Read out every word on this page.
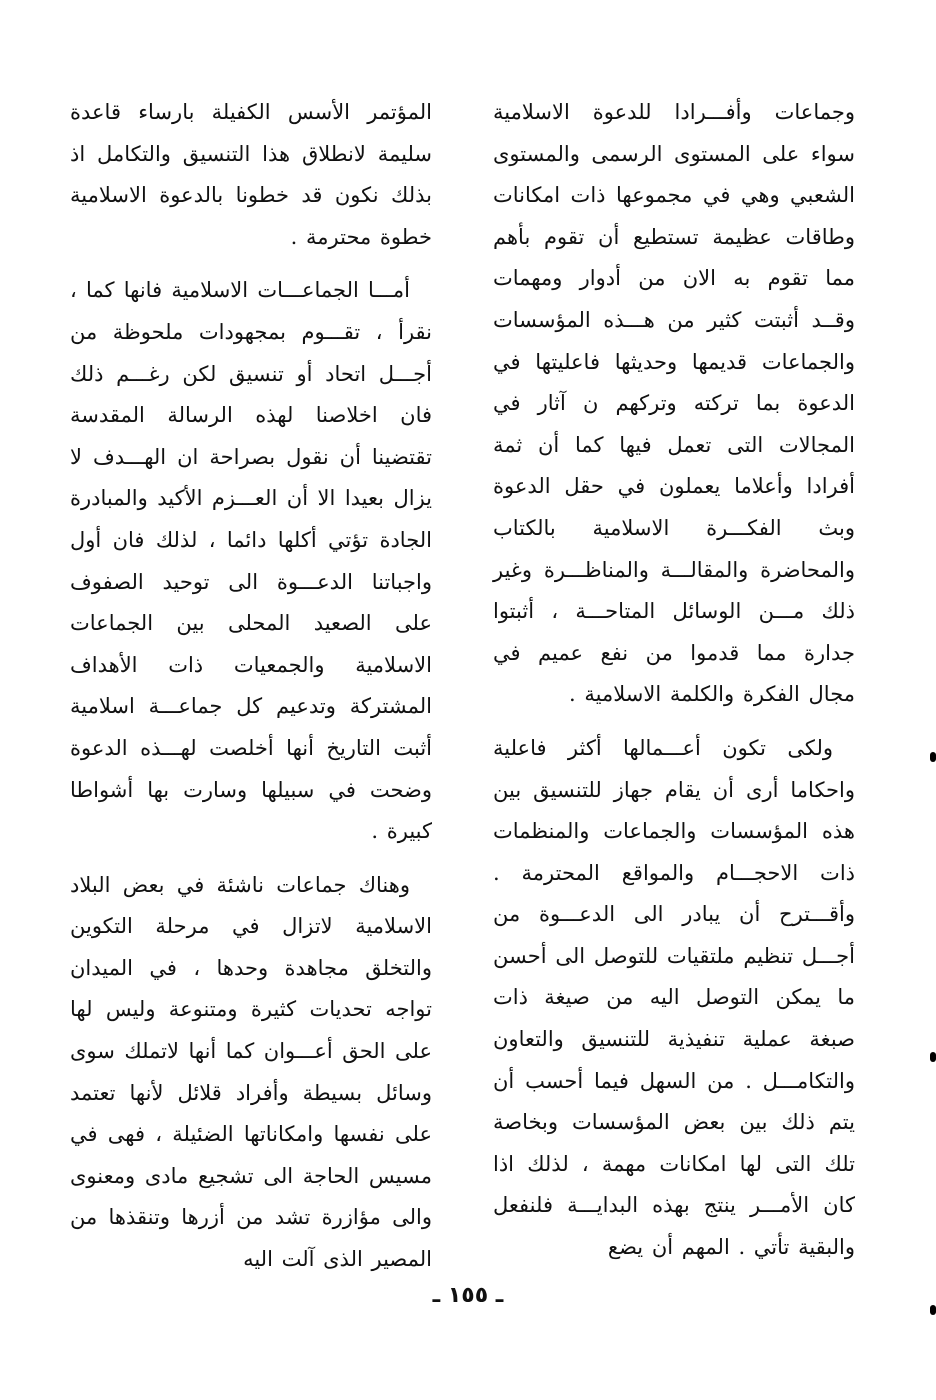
وجماعات وأفـــرادا للدعوة الاسلامية سواء على المستوى الرسمى والمستوى الشعبي وهي في مجموعها ذات امكانات وطاقات عظيمة تستطيع أن تقوم بأهم مما تقوم به الان من أدوار ومهمات وقــد أثبتت كثير من هـــذه المؤسسات والجماعات قديمها وحديثها فاعليتها في الدعوة بما تركته وتركهم ن آثار في المجالات التى تعمل فيها كما أن ثمة أفرادا وأعلاما يعملون في حقل الدعوة وبث الفكـــرة الاسلامية بالكتاب والمحاضرة والمقالـــة والمناظـــرة وغير ذلك مـــن الوسائل المتاحـــة ، أثبتوا جدارة مما قدموا من نفع عميم في مجال الفكرة والكلمة الاسلامية .

ولكى تكون أعـــمالها أكثر فاعلية واحكاما أرى أن يقام جهاز للتنسيق بين هذه المؤسسات والجماعات والمنظمات ذات الاحجـــام والمواقع المحترمة . وأقـــترح أن يبادر الى الدعـــوة من أجـــل تنظيم ملتقيات للتوصل الى أحسن ما يمكن التوصل اليه من صيغة ذات صبغة عملية تنفيذية للتنسيق والتعاون والتكامـــل . من السهل فيما أحسب أن يتم ذلك بين بعض المؤسسات وبخاصة تلك التى لها امكانات مهمة ، لذلك اذا كان الأمـــر ينتج بهذه البدايـــة فلنفعل والبقية تأتي . المهم أن يضع

المؤتمر الأسس الكفيلة بارساء قاعدة سليمة لانطلاق هذا التنسيق والتكامل اذ بذلك نكون قد خطونا بالدعوة الاسلامية خطوة محترمة .

أمـــا الجماعـــات الاسلامية فانها كما ، نقرأ ، تقـــوم بمجهودات ملحوظة من أجـــل اتحاد أو تنسيق لكن رغـــم ذلك فان اخلاصنا لهذه الرسالة المقدسة تقتضينا أن نقول بصراحة ان الهـــدف لا يزال بعيدا الا أن العـــزم الأكيد والمبادرة الجادة تؤتي أكلها دائما ، لذلك فان أول واجباتنا الدعـــوة الى توحيد الصفوف على الصعيد المحلى بين الجماعات الاسلامية والجمعيات ذات الأهداف المشتركة وتدعيم كل جماعـــة اسلامية أثبت التاريخ أنها أخلصت لهـــذه الدعوة وضحت في سبيلها وسارت بها أشواطا كبيرة .

وهناك جماعات ناشئة في بعض البلاد الاسلامية لاتزال في مرحلة التكوين والتخلق مجاهدة وحدها ، في الميدان تواجه تحديات كثيرة ومتنوعة وليس لها على الحق أعـــوان كما أنها لاتملك سوى وسائل بسيطة وأفراد قلائل لأنها تعتمد على نفسها وامكاناتها الضئيلة ، فهى في مسيس الحاجة الى تشجيع مادى ومعنوى والى مؤازرة تشد من أزرها وتنقذها من المصير الذى آلت اليه

ـ ١٥٥ ـ
